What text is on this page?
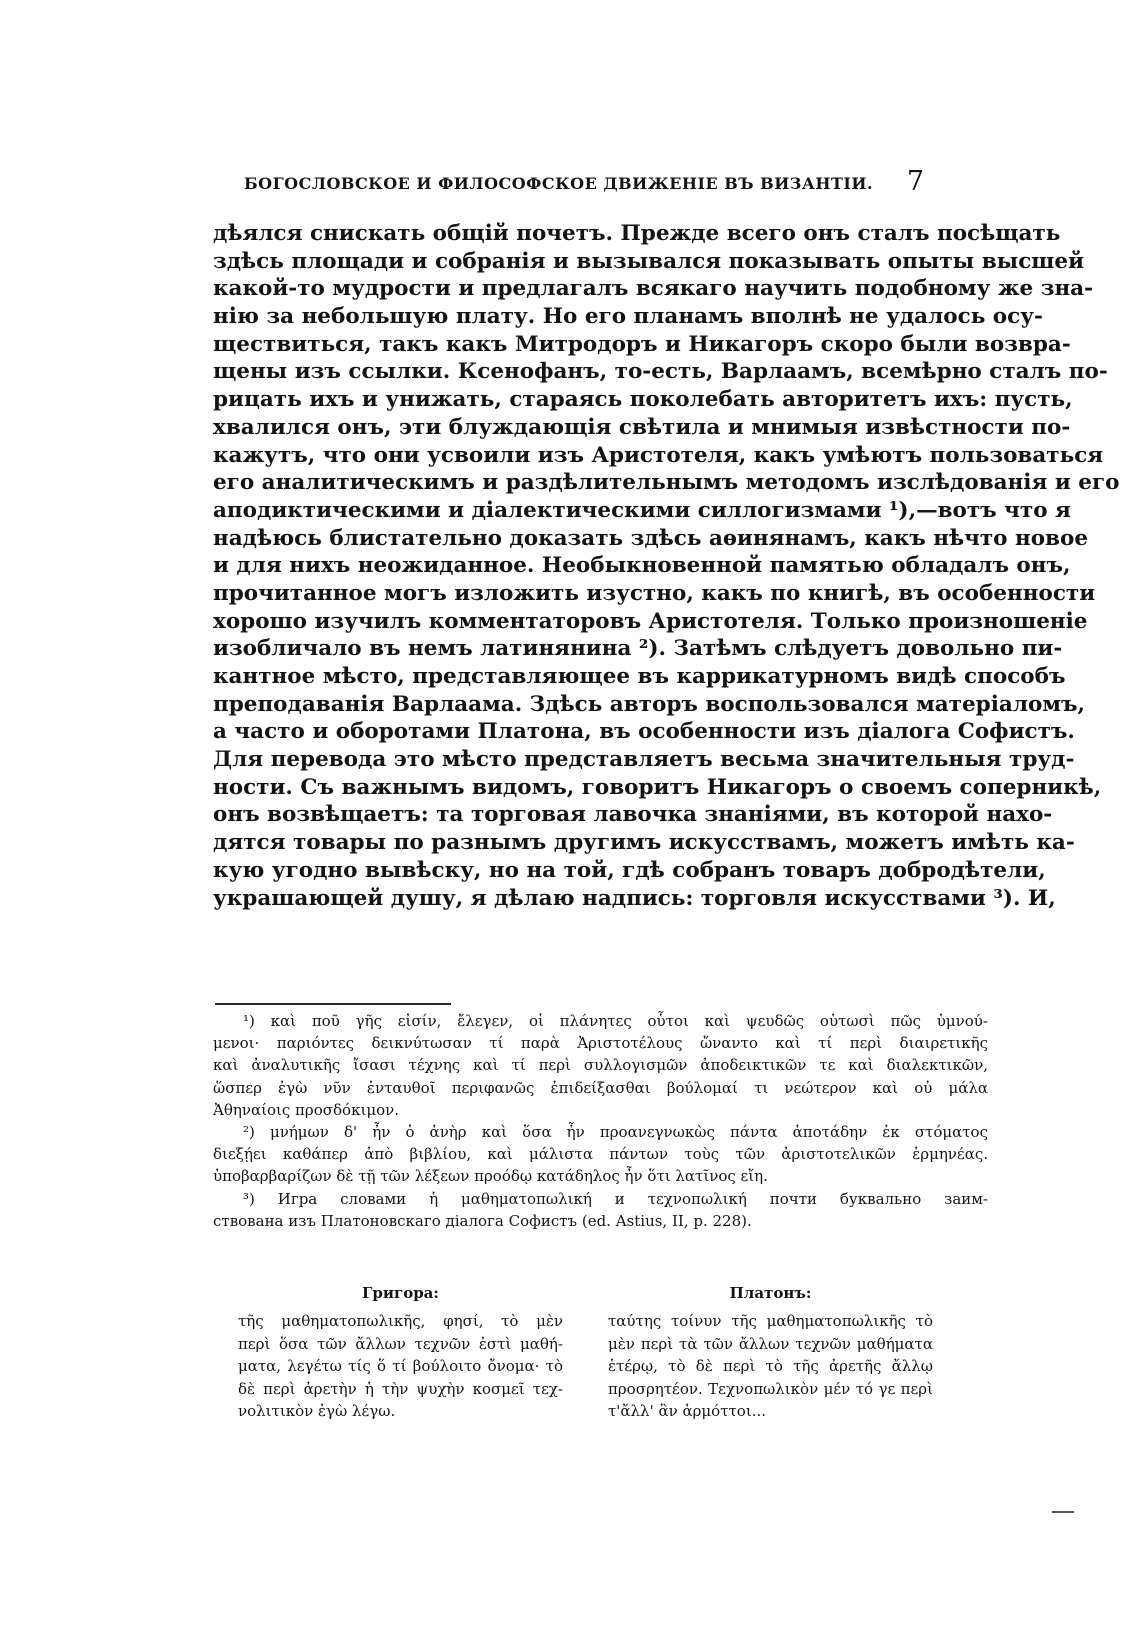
БОГОСЛОВСКОЕ И ФИЛОСОФСКОЕ ДВИЖЕНІЕ ВЪ ВИЗАНТІИ. 7
дѣялся снискать общій почетъ. Прежде всего онъ сталъ посѣщать
здѣсь площади и собранія и вызывался показывать опыты высшей
какой-то мудрости и предлагалъ всякаго научить подобному же зна-
нію за небольшую плату. Но его планамъ вполнѣ не удалось осу-
ществиться, такъ какъ Митродоръ и Никагоръ скоро были возвра-
щены изъ ссылки. Ксенофанъ, то-есть, Варлаамъ, всемѣрно сталъ по-
рицать ихъ и унижать, стараясь поколебать авторитетъ ихъ: пусть,
хвалился онъ, эти блуждающія свѣтила и мнимыя извѣстности по-
кажутъ, что они усвоили изъ Аристотеля, какъ умѣютъ пользоваться
его аналитическимъ и раздѣлительнымъ методомъ изслѣдованія и его
аподиктическими и діалектическими силлогизмами ¹),—вотъ что я
надѣюсь блистательно доказать здѣсь аѳинянамъ, какъ нѣчто новое
и для нихъ неожиданное. Необыкновенной памятью обладалъ онъ,
прочитанное могъ изложить изустно, какъ по книгѣ, въ особенности
хорошо изучилъ комментаторовъ Аристотеля. Только произношеніе
изобличало въ немъ латинянина ²). Затѣмъ слѣдуетъ довольно пи-
кантное мѣсто, представляющее въ каррикатурномъ видѣ способъ
преподаванія Варлаама. Здѣсь авторъ воспользовался матеріаломъ,
а часто и оборотами Платона, въ особенности изъ діалога Софистъ.
Для перевода это мѣсто представляетъ весьма значительныя труд-
ности. Съ важнымъ видомъ, говоритъ Никагоръ о своемъ соперникѣ,
онъ возвѣщаетъ: та торговая лавочка знаніями, въ которой нахо-
дятся товары по разнымъ другимъ искусствамъ, можетъ имѣть ка-
кую угодно вывѣску, но на той, гдѣ собранъ товаръ добродѣтели,
украшающей душу, я дѣлаю надпись: торговля искусствами ³). И,
¹) καὶ ποῦ γῆς εἰσίν, ἔλεγεν, οἱ πλάνητες οὗτοι καὶ ψευδῶς οὑτωσὶ πῶς ὑμνού-
μενοι· παριόντες δεικνύτωσαν τί παρὰ Ἀριστοτέλους ὤναντο καὶ τί περὶ διαιρετικῆς
καὶ ἀναλυτικῆς ἴσασι τέχνης καὶ τί περὶ συλλογισμῶν ἀποδεικτικῶν τε καὶ διαλεκτικῶν,
ὥσπερ ἐγὼ νῦν ἐνταυθοῖ περιφανῶς ἐπιδείξασθαι βούλομαί τι νεώτερον καὶ οὐ μάλα
Ἀθηναίοις προσδόκιμον.
²) μνήμων δ' ἦν ὁ ἀνὴρ καὶ ὅσα ἦν προανεγνωκὼς πάντα ἀποτάδην ἐκ στόματος
διεξῄει καθάπερ ἀπὸ βιβλίου, καὶ μάλιστα πάντων τοὺς τῶν ἀριστοτελικῶν ἑρμηνέας.
ὑποβαρβαρίζων δὲ τῇ τῶν λέξεων προόδῳ κατάδηλος ἦν ὅτι λατῖνος εἴη.
³) Игра словами ἡ μαθηματοπωλική и τεχνοπωλική почти буквально заим-
ствована изъ Платоновскаго діалога Софистъ (ed. Astius, II, p. 228).
Григора:
τῆς μαθηματοπωλικῆς, φησί, τὸ μὲν
περὶ ὅσα τῶν ἄλλων τεχνῶν ἐστὶ μαθή-
ματα, λεγέτω τίς ὅ τί βούλοιτο ὄνομα· τὸ
δὲ περὶ ἀρετὴν ἡ τὴν ψυχὴν κοσμεῖ τεχ-
νολιτικὸν ἐγὼ λέγω.
Платонъ:
ταύτης τοίνυν τῆς μαθηματοπωλικῆς τὸ
μὲν περὶ τὰ τῶν ἄλλων τεχνῶν μαθήματα
ἑτέρῳ, τὸ δὲ περὶ τὸ τῆς ἀρετῆς ἄλλῳ
προσρητέον. Τεχνοπωλικὸν μέν τό γε περὶ
τ'ἄλλ' ἂν ἁρμόττοι...
